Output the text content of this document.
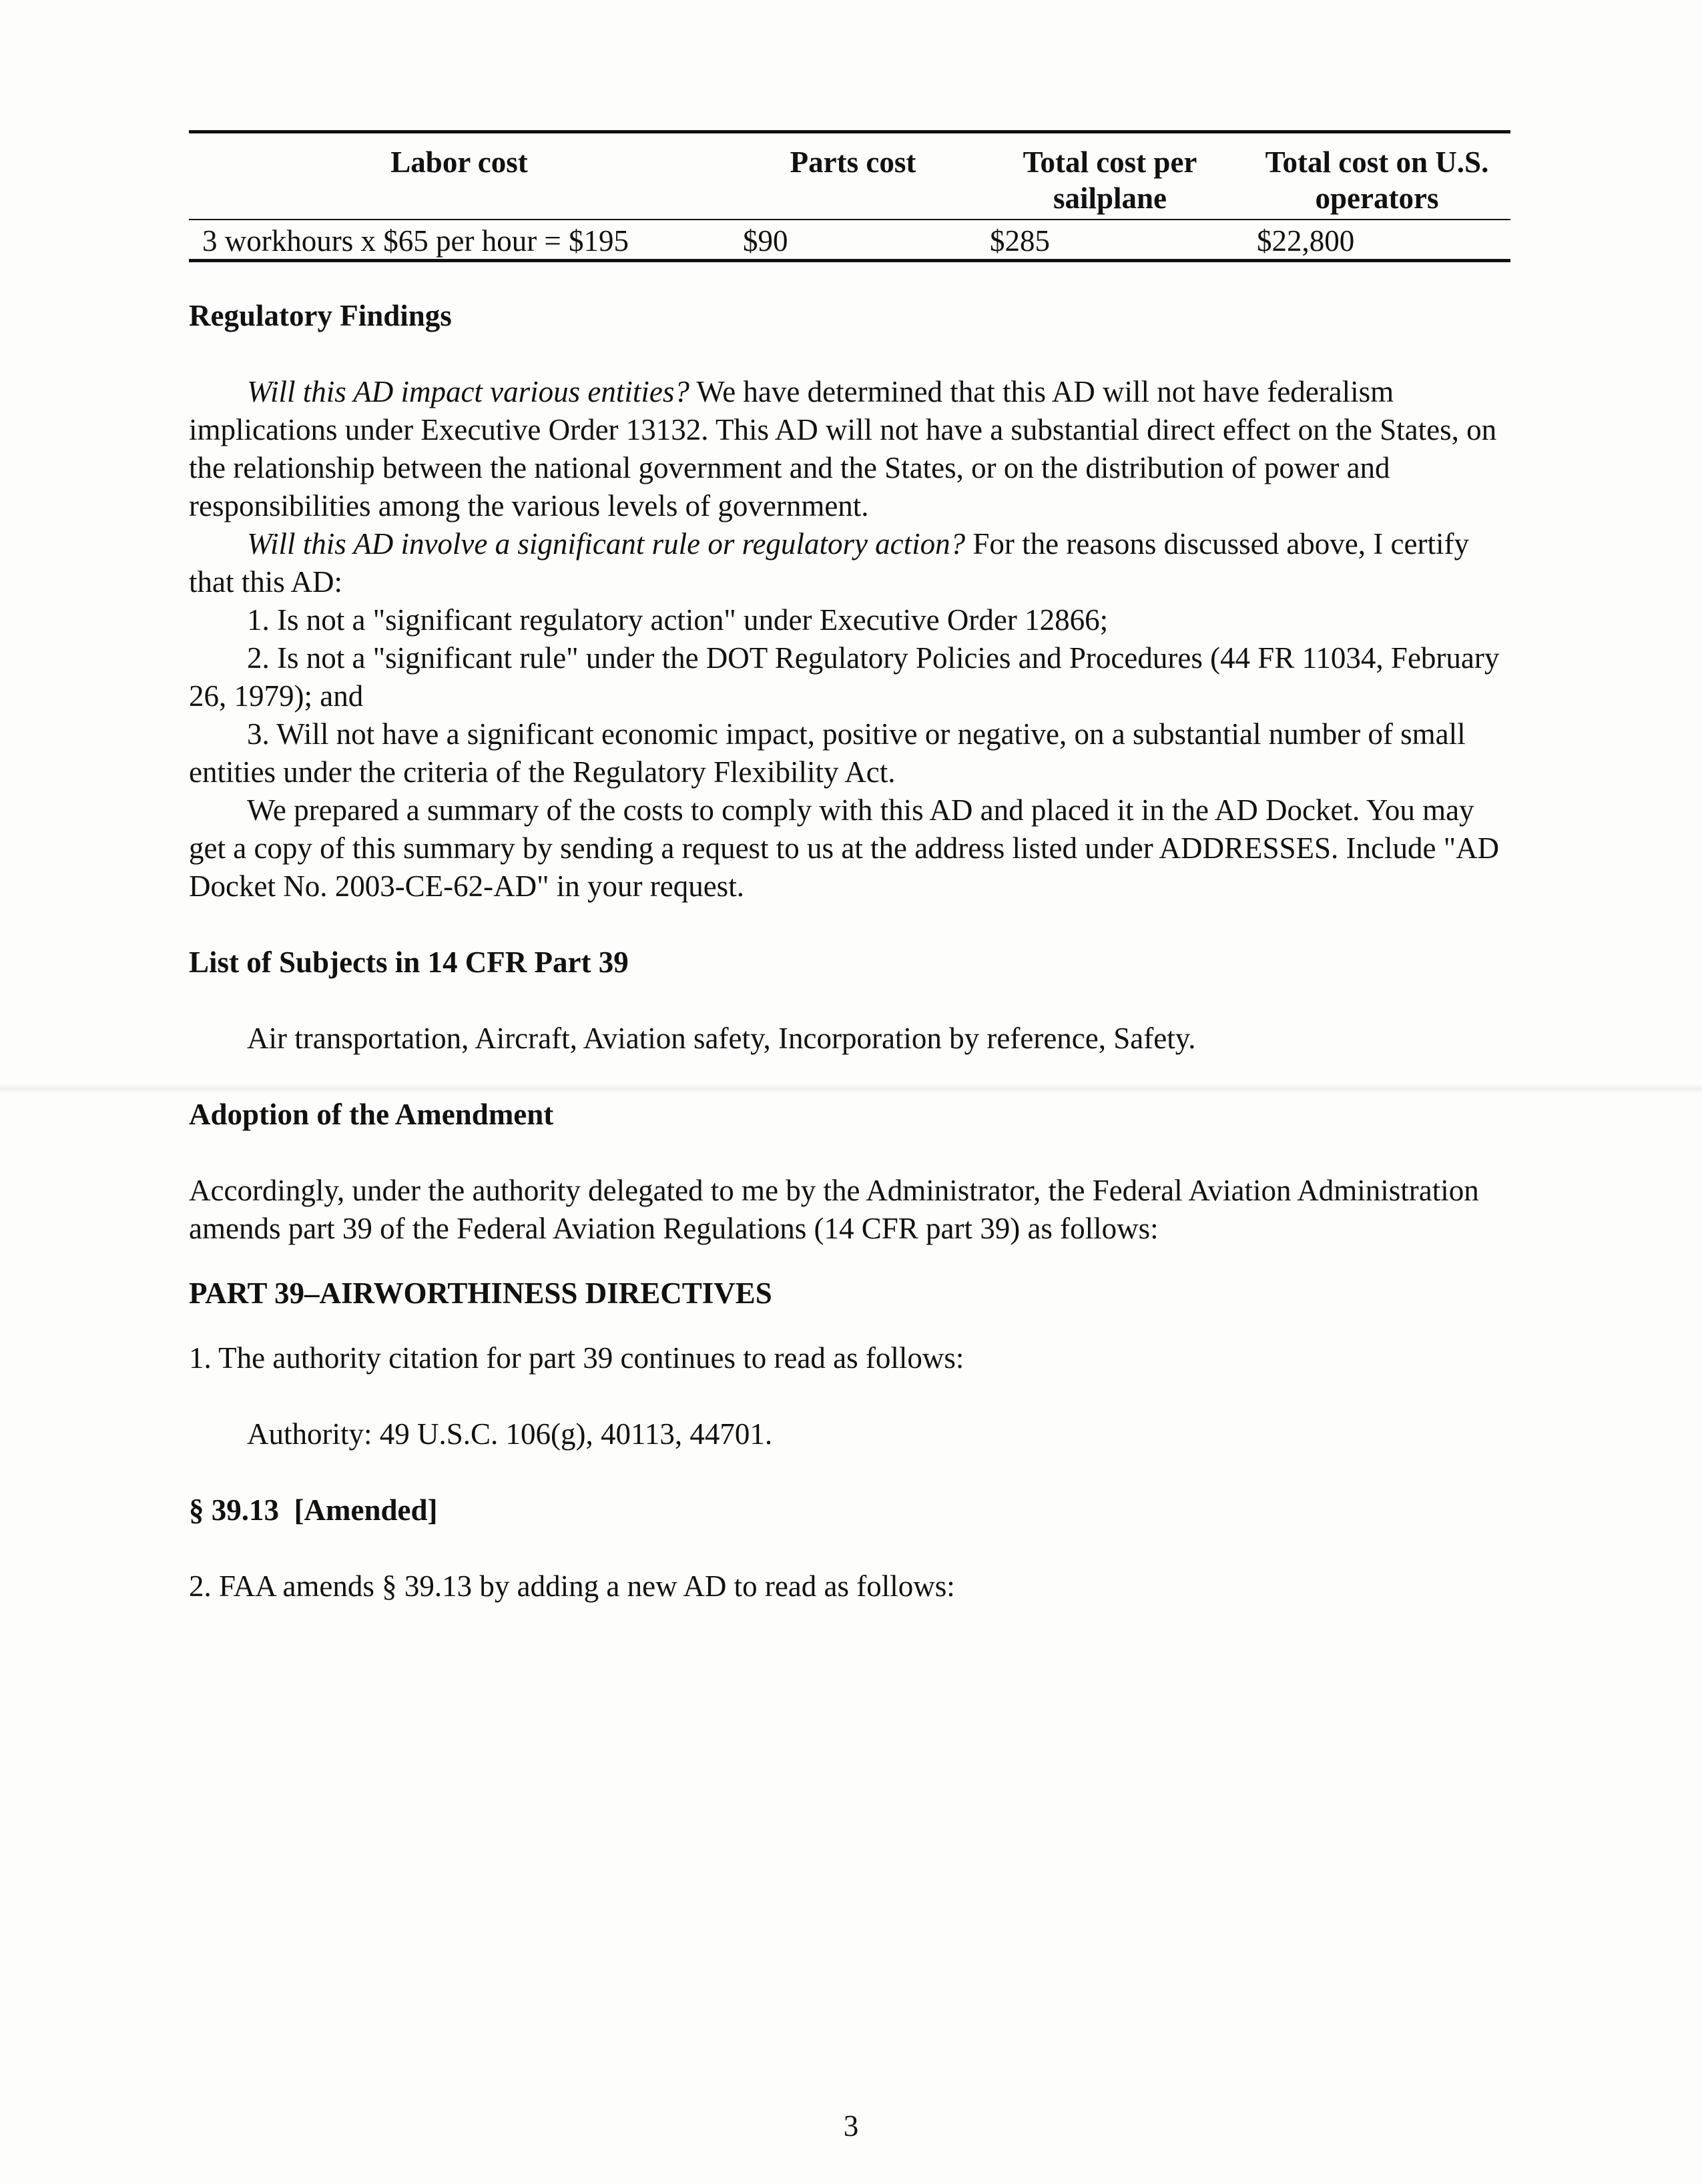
Labor cost	Parts cost	Total cost per sailplane	Total cost on U.S. operators
3 workhours x $65 per hour = $195	$90	$285	$22,800
Regulatory Findings

Will this AD impact various entities? We have determined that this AD will not have federalism implications under Executive Order 13132. This AD will not have a substantial direct effect on the States, on the relationship between the national government and the States, or on the distribution of power and responsibilities among the various levels of government.

Will this AD involve a significant rule or regulatory action? For the reasons discussed above, I certify that this AD:

1. Is not a "significant regulatory action" under Executive Order 12866;

2. Is not a "significant rule" under the DOT Regulatory Policies and Procedures (44 FR 11034, February 26, 1979); and

3. Will not have a significant economic impact, positive or negative, on a substantial number of small entities under the criteria of the Regulatory Flexibility Act.

We prepared a summary of the costs to comply with this AD and placed it in the AD Docket. You may get a copy of this summary by sending a request to us at the address listed under ADDRESSES. Include "AD Docket No. 2003-CE-62-AD" in your request.

List of Subjects in 14 CFR Part 39

Air transportation, Aircraft, Aviation safety, Incorporation by reference, Safety.

Adoption of the Amendment

Accordingly, under the authority delegated to me by the Administrator, the Federal Aviation Administration amends part 39 of the Federal Aviation Regulations (14 CFR part 39) as follows:

PART 39–AIRWORTHINESS DIRECTIVES

1. The authority citation for part 39 continues to read as follows:

Authority: 49 U.S.C. 106(g), 40113, 44701.

§ 39.13  [Amended]

2. FAA amends § 39.13 by adding a new AD to read as follows:

3
